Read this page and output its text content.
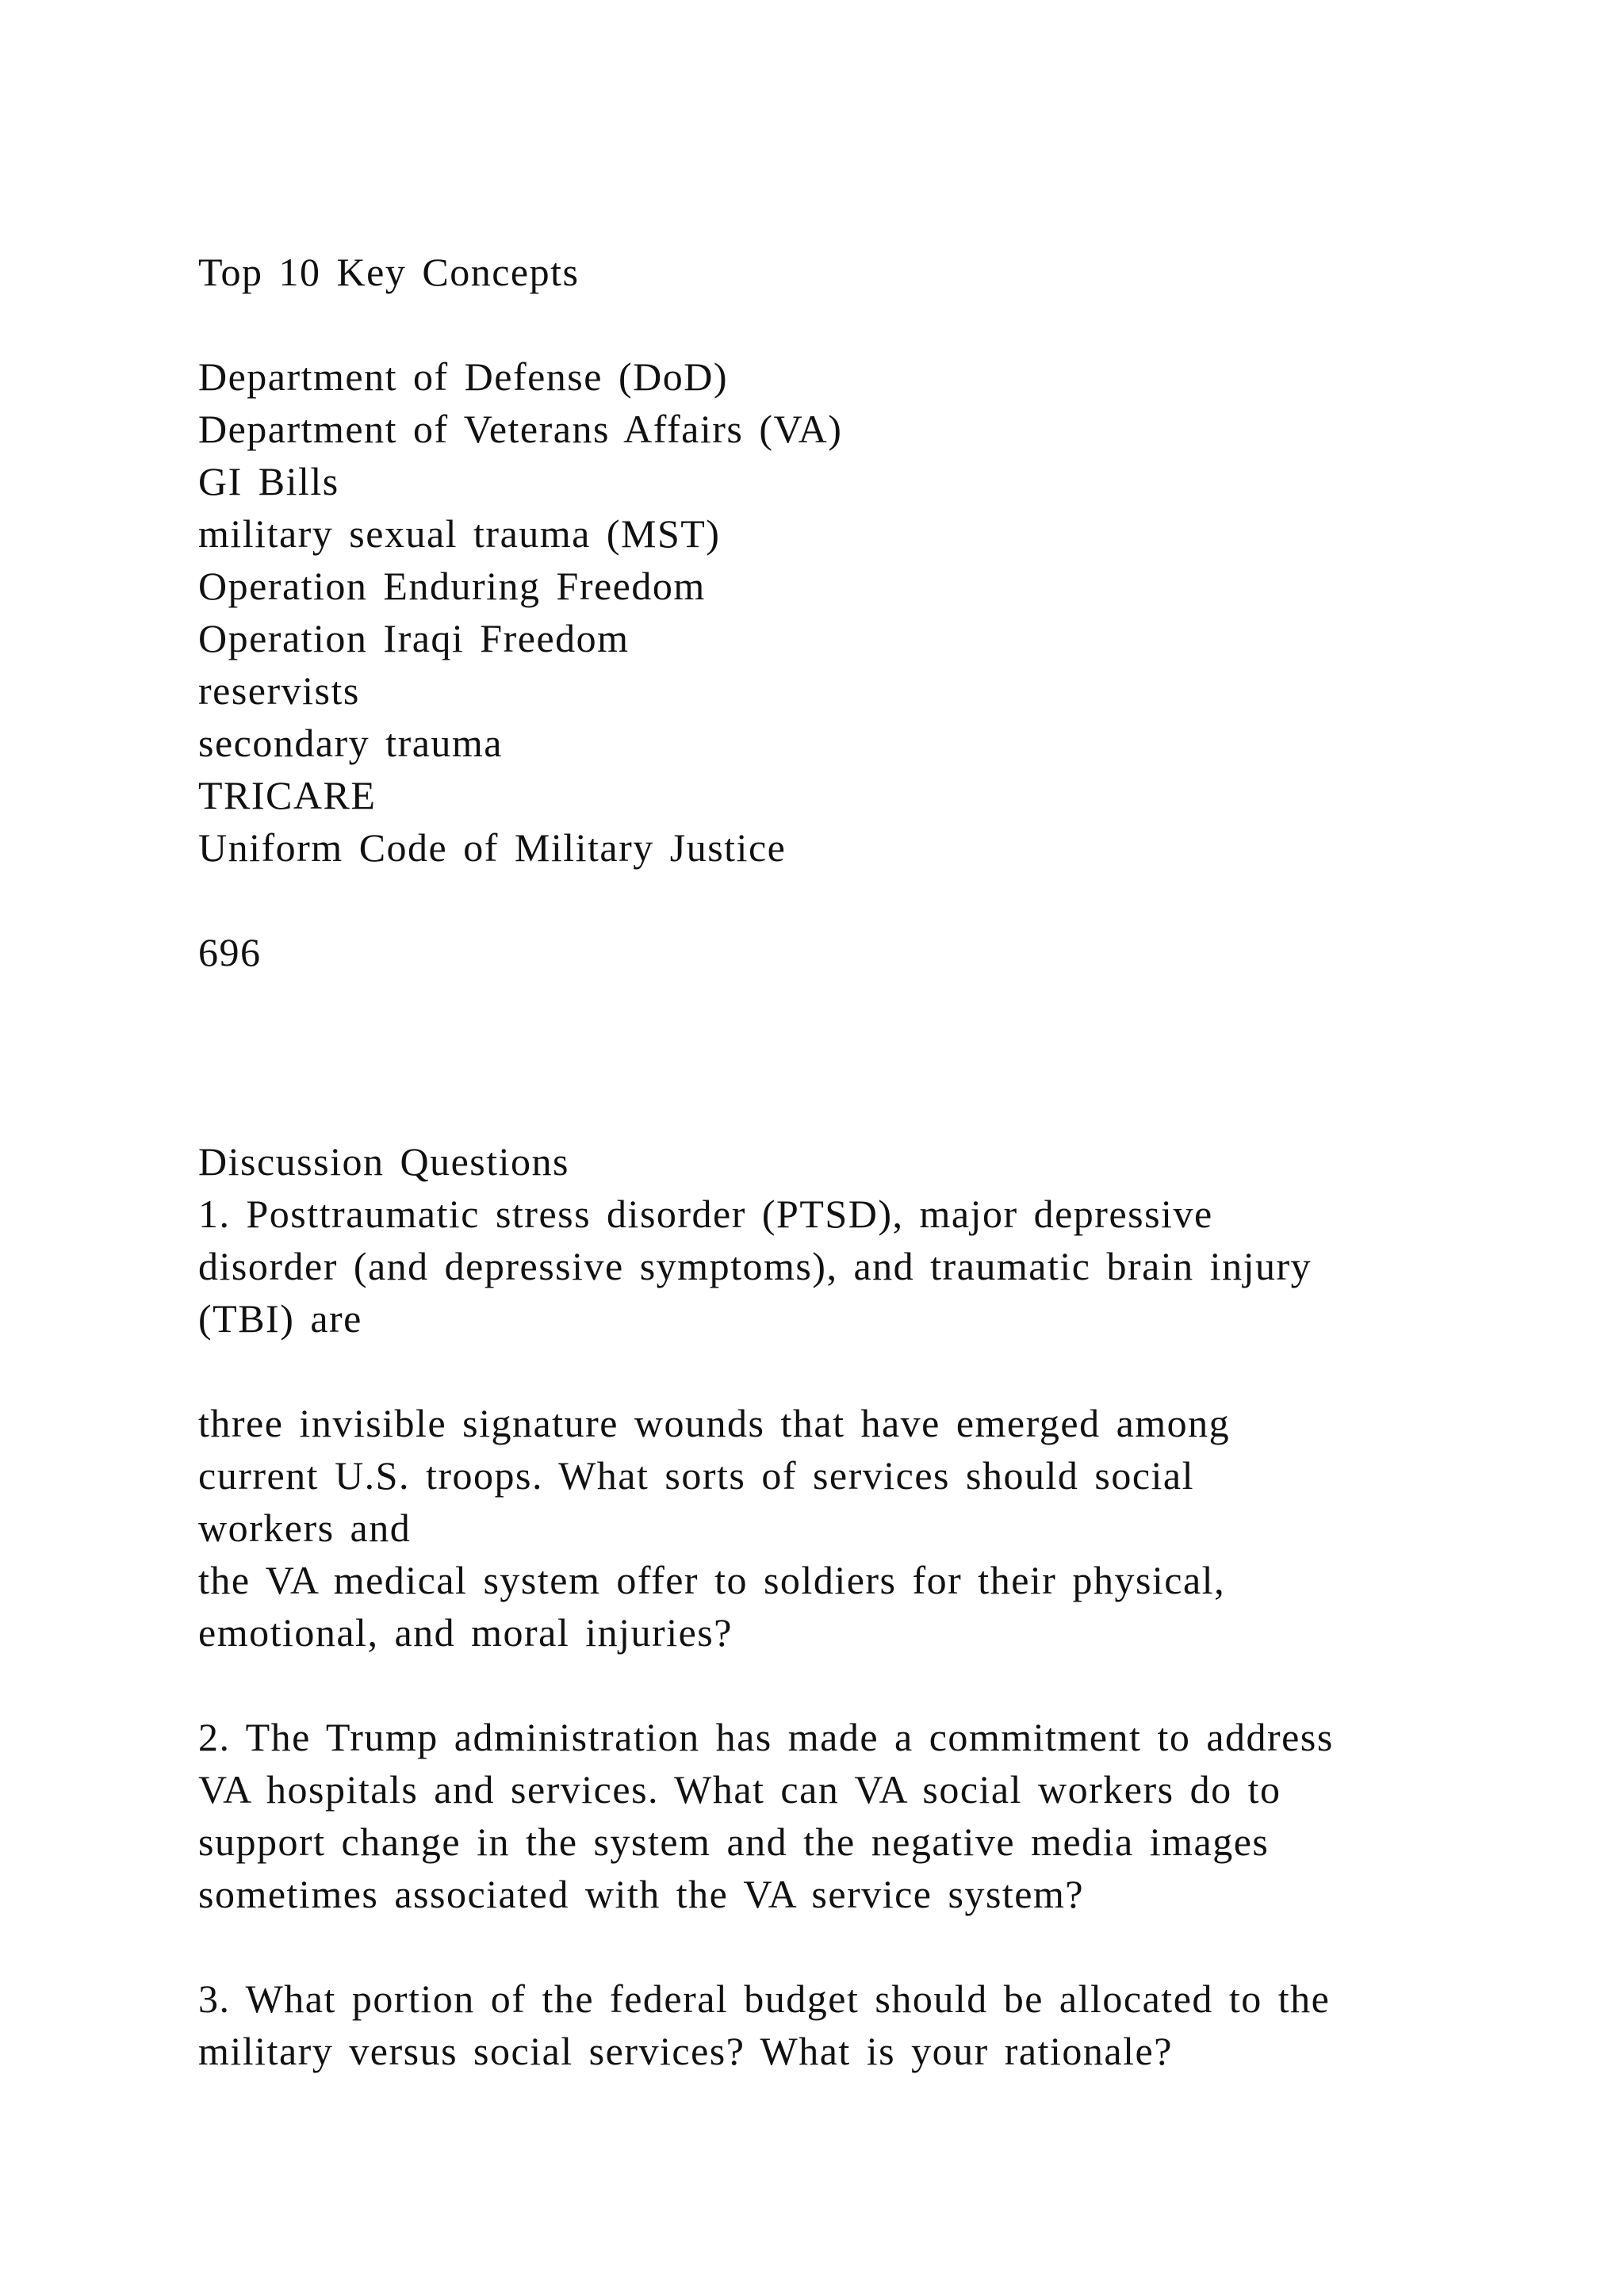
Top 10 Key Concepts
Department of Defense (DoD)
Department of Veterans Affairs (VA)
GI Bills
military sexual trauma (MST)
Operation Enduring Freedom
Operation Iraqi Freedom
reservists
secondary trauma
TRICARE
Uniform Code of Military Justice
696
Discussion Questions
1. Posttraumatic stress disorder (PTSD), major depressive
disorder (and depressive symptoms), and traumatic brain injury
(TBI) are
three invisible signature wounds that have emerged among
current U.S. troops. What sorts of services should social
workers and
the VA medical system offer to soldiers for their physical,
emotional, and moral injuries?
2. The Trump administration has made a commitment to address
VA hospitals and services. What can VA social workers do to
support change in the system and the negative media images
sometimes associated with the VA service system?
3. What portion of the federal budget should be allocated to the
military versus social services? What is your rationale?
